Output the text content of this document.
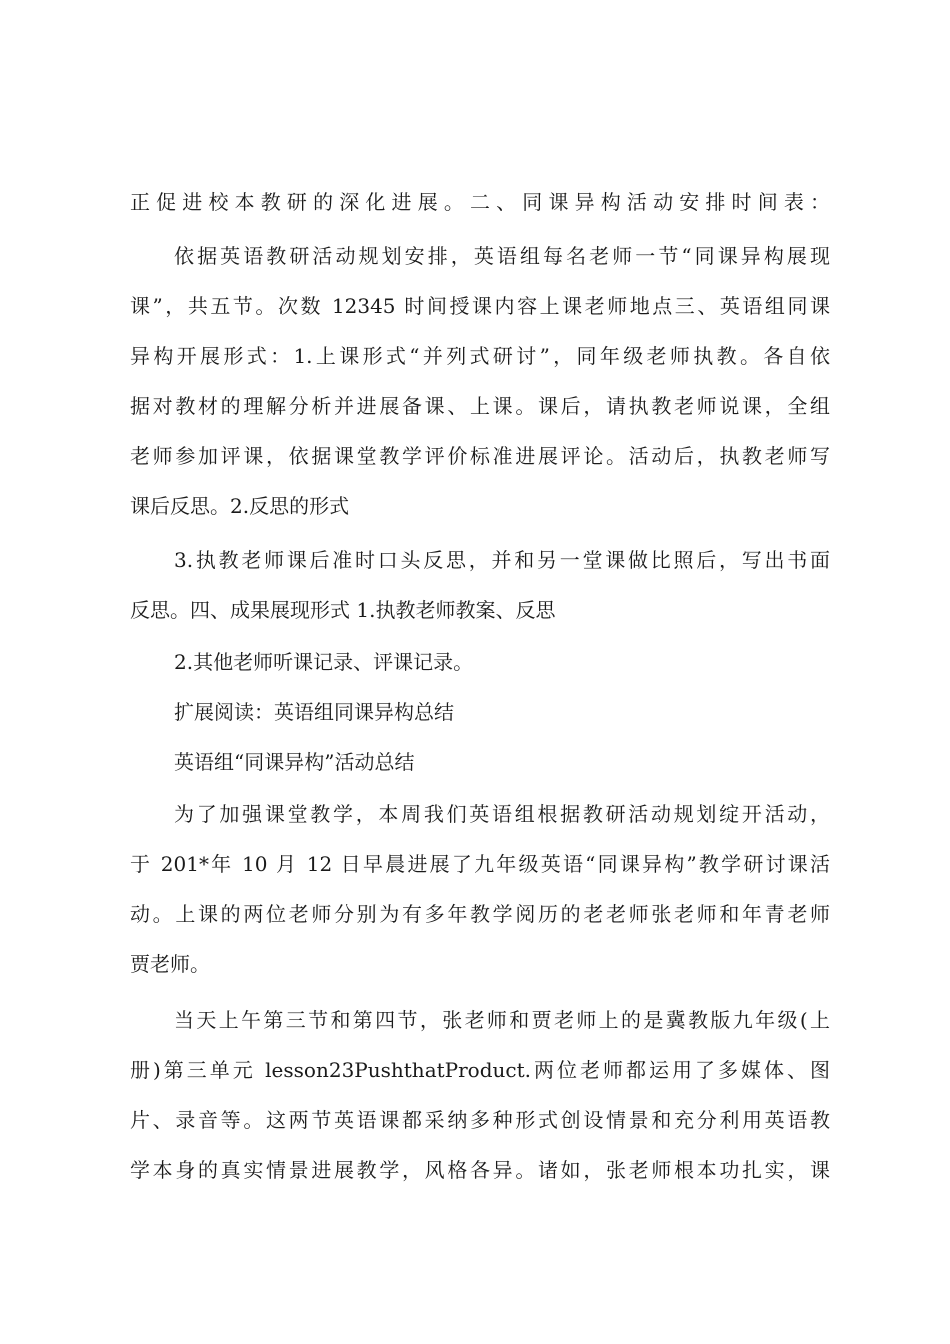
正促进校本教研的深化进展。二、同课异构活动安排时间表：
依据英语教研活动规划安排，英语组每名老师一节“同课异构展现
课”，共五节。次数 12345 时间授课内容上课老师地点三、英语组同课
异构开展形式：1.上课形式“并列式研讨”，同年级老师执教。各自依
据对教材的理解分析并进展备课、上课。课后，请执教老师说课，全组
老师参加评课，依据课堂教学评价标准进展评论。活动后，执教老师写
课后反思。2.反思的形式
3.执教老师课后准时口头反思，并和另一堂课做比照后，写出书面
反思。四、成果展现形式 1.执教老师教案、反思
2.其他老师听课记录、评课记录。
扩展阅读：英语组同课异构总结
英语组“同课异构”活动总结
为了加强课堂教学，本周我们英语组根据教研活动规划绽开活动，
于 201*年 10 月 12 日早晨进展了九年级英语“同课异构”教学研讨课活
动。上课的两位老师分别为有多年教学阅历的老老师张老师和年青老师
贾老师。
当天上午第三节和第四节，张老师和贾老师上的是冀教版九年级(上
册)第三单元 lesson23PushthatProduct.两位老师都运用了多媒体、图
片、录音等。这两节英语课都采纳多种形式创设情景和充分利用英语教
学本身的真实情景进展教学，风格各异。诸如，张老师根本功扎实，课
